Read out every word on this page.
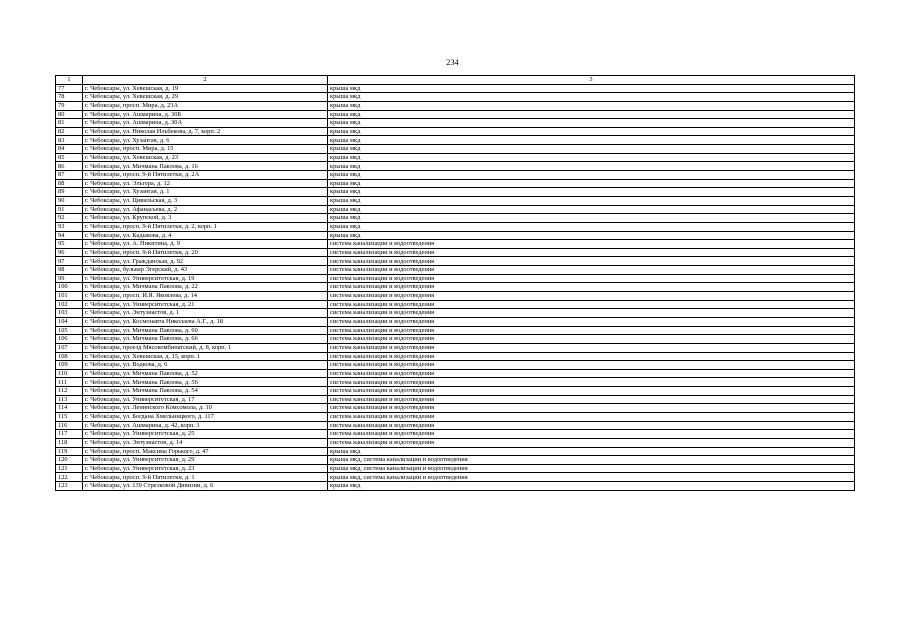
234
1	2	3
77	г. Чебоксары, ул. Хевешская, д. 19	крыша мкд
78	г. Чебоксары, ул. Хевешская, д. 29	крыша мкд
79	г. Чебоксары, просп. Мира, д. 23А	крыша мкд
80	г. Чебоксары, ул. Ашмарина, д. 30Б	крыша мкд
81	г. Чебоксары, ул. Ашмарина, д. 30А	крыша мкд
82	г. Чебоксары, ул. Николая Ильбекова, д. 7, корп. 2	крыша мкд
83	г. Чебоксары, ул. Хузангая, д. 6	крыша мкд
84	г. Чебоксары, просп. Мира, д. 15	крыша мкд
85	г. Чебоксары, ул. Хевешская, д. 23	крыша мкд
86	г. Чебоксары, ул. Мичмана Павлова, д. 16	крыша мкд
87	г. Чебоксары, просп. 9-й Пятилетки, д. 2А	крыша мкд
88	г. Чебоксары, ул. Эльгера, д. 12	крыша мкд
89	г. Чебоксары, ул. Хузангая, д. 1	крыша мкд
90	г. Чебоксары, ул. Цивильская, д. 3	крыша мкд
91	г. Чебоксары, ул. Афанасьева, д. 2	крыша мкд
92	г. Чебоксары, ул. Крупской, д. 3	крыша мкд
93	г. Чебоксары, просп. 9-й Пятилетки, д. 2, корп. 1	крыша мкд
94	г. Чебоксары, ул. Кадыкова, д. 4	крыша мкд
95	г. Чебоксары, ул. А. Никитина, д. 9	система канализации и водоотведения
96	г. Чебоксары, просп. 9-й Пятилетки, д. 20	система канализации и водоотведения
97	г. Чебоксары, ул. Гражданская, д. 92	система канализации и водоотведения
98	г. Чебоксары, бульвар Эгерский, д. 43	система канализации и водоотведения
99	г. Чебоксары, ул. Университетская, д. 19	система канализации и водоотведения
100	г. Чебоксары, ул. Мичмана Павлова, д. 22	система канализации и водоотведения
101	г. Чебоксары, просп. И.Я. Яковлева, д. 14	система канализации и водоотведения
102	г. Чебоксары, ул. Университетская, д. 21	система канализации и водоотведения
103	г. Чебоксары, ул. Энтузиастов, д. 1	система канализации и водоотведения
104	г. Чебоксары, ул. Космонавта Николаева А.Г., д. 18	система канализации и водоотведения
105	г. Чебоксары, ул. Мичмана Павлова, д. 60	система канализации и водоотведения
106	г. Чебоксары, ул. Мичмана Павлова, д. 66	система канализации и водоотведения
107	г. Чебоксары, проезд Мясокомбинатский, д. 8, корп. 1	система канализации и водоотведения
108	г. Чебоксары, ул. Хевешская, д. 15, корп. 1	система канализации и водоотведения
109	г. Чебоксары, ул. Водкова, д. 6	система канализации и водоотведения
110	г. Чебоксары, ул. Мичмана Павлова, д. 52	система канализации и водоотведения
111	г. Чебоксары, ул. Мичмана Павлова, д. 56	система канализации и водоотведения
112	г. Чебоксары, ул. Мичмана Павлова, д. 54	система канализации и водоотведения
113	г. Чебоксары, ул. Университетская, д. 17	система канализации и водоотведения
114	г. Чебоксары, ул. Ленинского Комсомола, д. 10	система канализации и водоотведения
115	г. Чебоксары, ул. Богдана Хмельницкого, д. 117	система канализации и водоотведения
116	г. Чебоксары, ул. Ашмарина, д. 42, корп. 1	система канализации и водоотведения
117	г. Чебоксары, ул. Университетская, д. 25	система канализации и водоотведения
118	г. Чебоксары, ул. Энтузиастов, д. 14	система канализации и водоотведения
119	г. Чебоксары, просп. Максима Горького, д. 47	крыша мкд
120	г. Чебоксары, ул. Университетская, д. 29	крыша мкд, система канализации и водоотведения
121	г. Чебоксары, ул. Университетская, д. 23	крыша мкд, система канализации и водоотведения
122	г. Чебоксары, просп. 9-й Пятилетки, д. 1	крыша мкд, система канализации и водоотведения
123	г. Чебоксары, ул. 139 Стрелковой Дивизии, д. 6	крыша мкд
